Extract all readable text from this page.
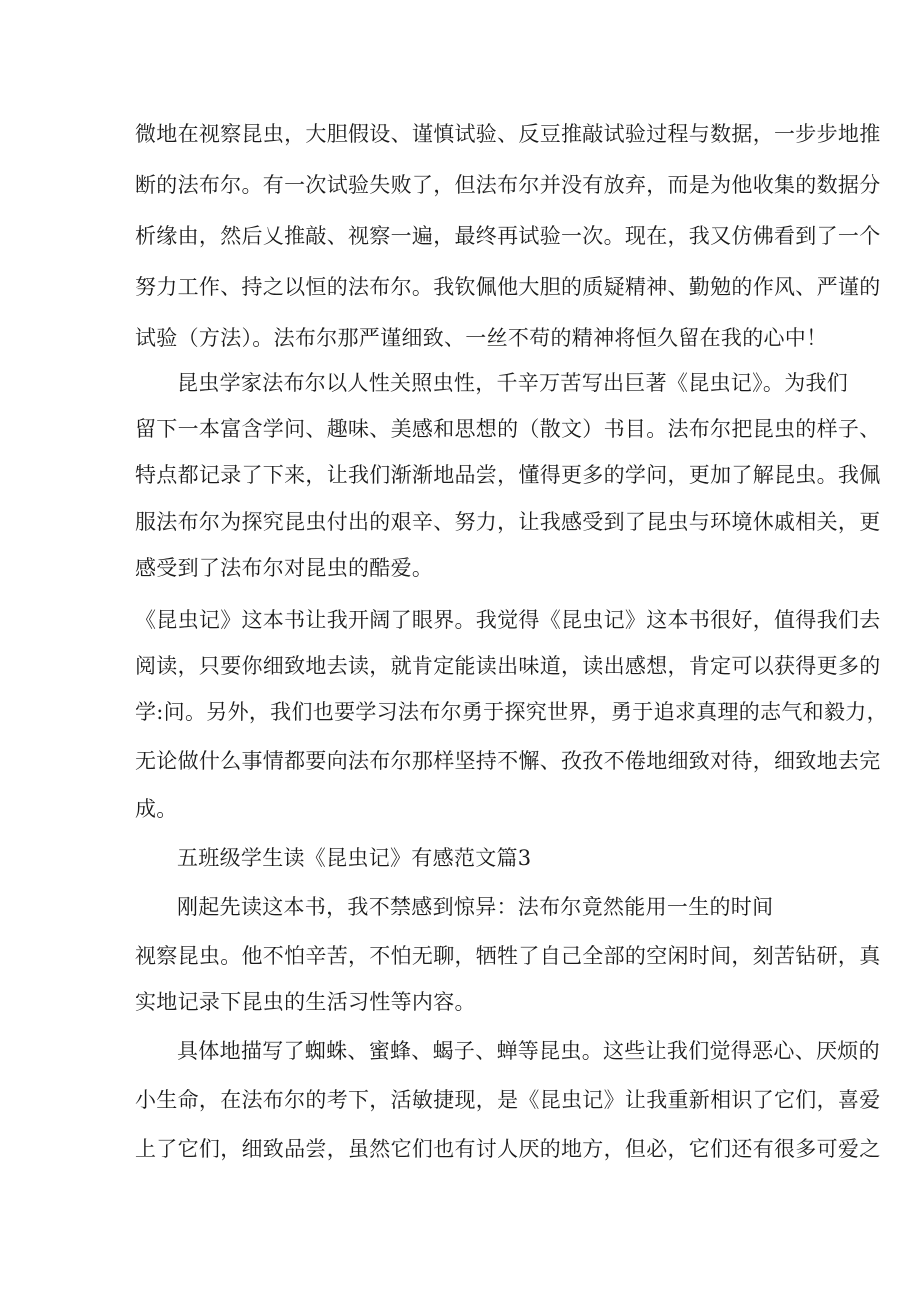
微地在视察昆虫，大胆假设、谨慎试验、反豆推敲试验过程与数据，一步步地推
断的法布尔。有一次试验失败了，但法布尔并没有放弃，而是为他收集的数据分
析缘由，然后乂推敲、视察一遍，最终再试验一次。现在，我又仿佛看到了一个
努力工作、持之以恒的法布尔。我钦佩他大胆的质疑精神、勤勉的作风、严谨的
试验（方法）。法布尔那严谨细致、一丝不苟的精神将恒久留在我的心中！
昆虫学家法布尔以人性关照虫性，千辛万苦写出巨著《昆虫记》。为我们
留下一本富含学问、趣味、美感和思想的（散文）书目。法布尔把昆虫的样子、
特点都记录了下来，让我们渐渐地品尝，懂得更多的学问，更加了解昆虫。我佩
服法布尔为探究昆虫付出的艰辛、努力，让我感受到了昆虫与环境休戚相关，更
感受到了法布尔对昆虫的酷爱。
《昆虫记》这本书让我开阔了眼界。我觉得《昆虫记》这本书很好，值得我们去
阅读，只要你细致地去读，就肯定能读出味道，读出感想，肯定可以获得更多的
学:问。另外，我们也要学习法布尔勇于探究世界，勇于追求真理的志气和毅力，
无论做什么事情都要向法布尔那样坚持不懈、孜孜不倦地细致对待，细致地去完
成。
五班级学生读《昆虫记》有感范文篇3
刚起先读这本书，我不禁感到惊异：法布尔竟然能用一生的时间
视察昆虫。他不怕辛苦，不怕无聊，牺牲了自己全部的空闲时间，刻苦钻研，真
实地记录下昆虫的生活习性等内容。
具体地描写了蜘蛛、蜜蜂、蝎子、蝉等昆虫。这些让我们觉得恶心、厌烦的
小生命，在法布尔的考下，活敏捷现，是《昆虫记》让我重新相识了它们，喜爱
上了它们，细致品尝，虽然它们也有讨人厌的地方，但必，它们还有很多可爱之
